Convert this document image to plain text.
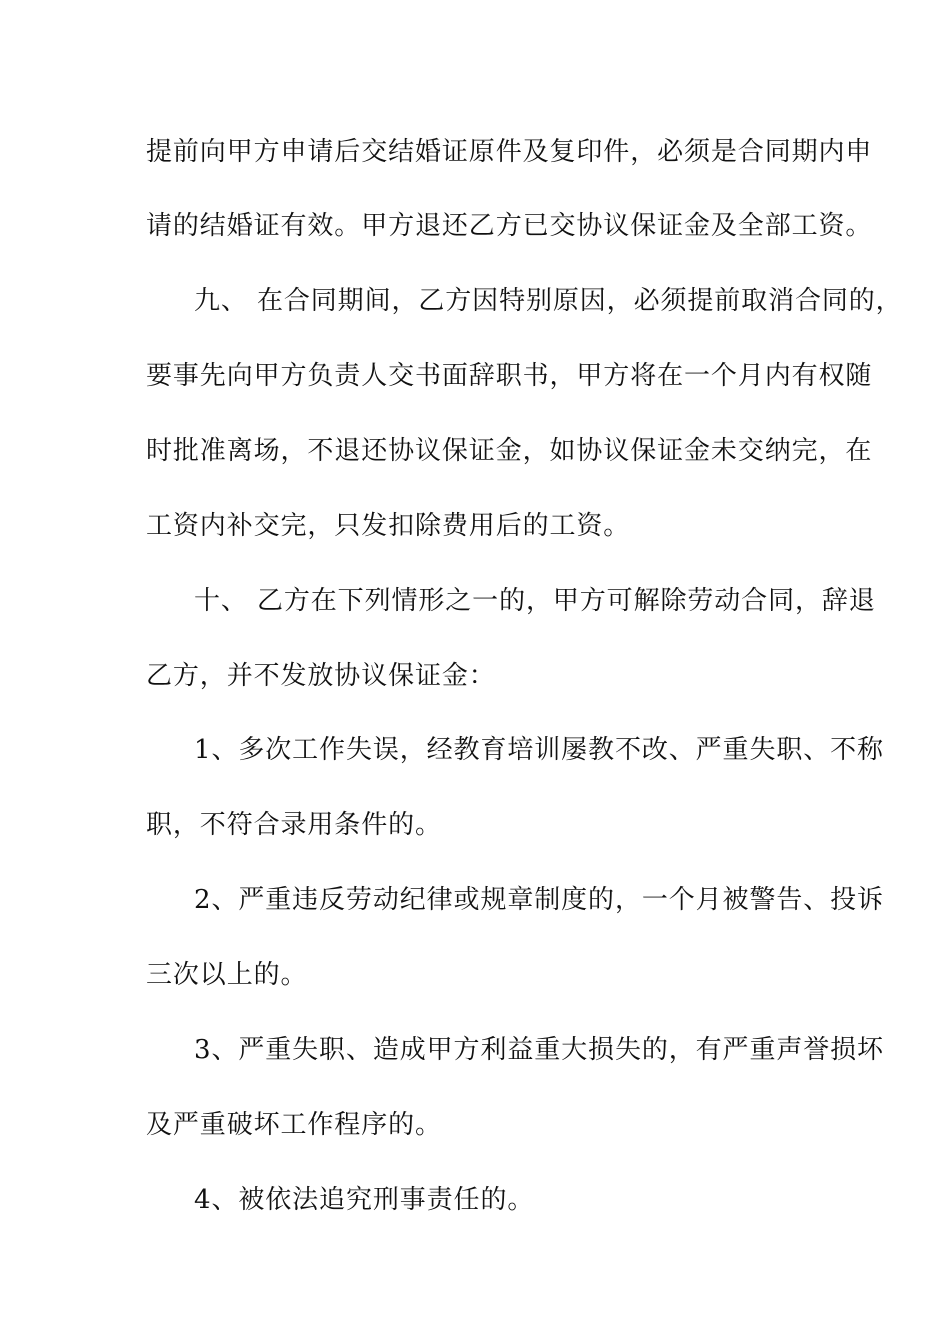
提前向甲方申请后交结婚证原件及复印件，必须是合同期内申
请的结婚证有效。甲方退还乙方已交协议保证金及全部工资。
九、 在合同期间，乙方因特别原因，必须提前取消合同的，
要事先向甲方负责人交书面辞职书，甲方将在一个月内有权随
时批准离场，不退还协议保证金，如协议保证金未交纳完，在
工资内补交完，只发扣除费用后的工资。
十、 乙方在下列情形之一的，甲方可解除劳动合同，辞退
乙方，并不发放协议保证金：
1、多次工作失误，经教育培训屡教不改、严重失职、不称
职，不符合录用条件的。
2、严重违反劳动纪律或规章制度的，一个月被警告、投诉
三次以上的。
3、严重失职、造成甲方利益重大损失的，有严重声誉损坏
及严重破坏工作程序的。
4、被依法追究刑事责任的。
